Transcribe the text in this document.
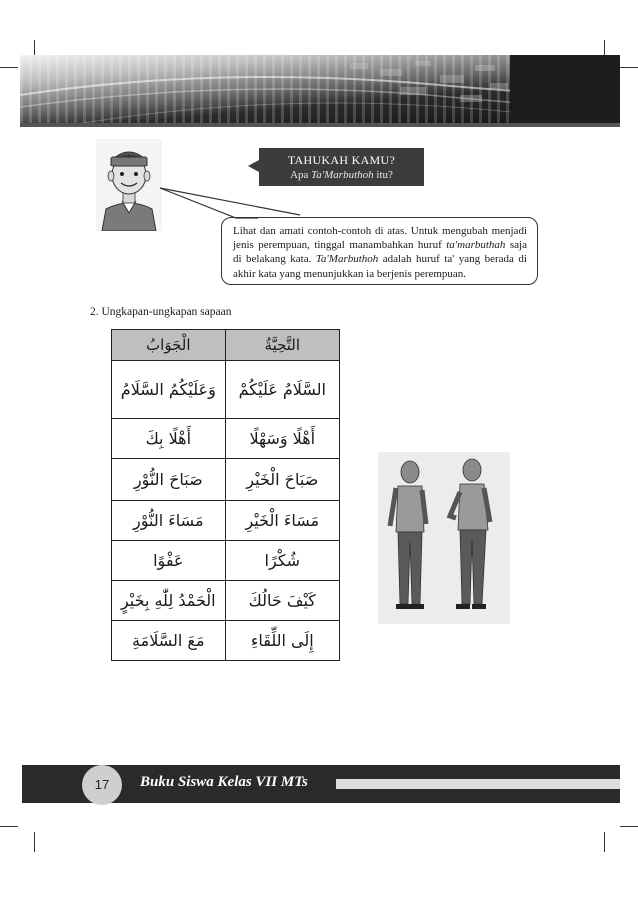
TAHUKAH KAMU?
Apa Ta'Marbuthoh itu?
Lihat dan amati contoh-contoh di atas. Untuk mengubah menjadi jenis perempuan, tinggal manambahkan huruf ta'marbuthah saja di belakang kata. Ta'Marbuthoh adalah huruf ta' yang berada di akhir kata yang menunjukkan ia berjenis perempuan.
2. Ungkapan-ungkapan sapaan
الْجَوَابُ	التَّحِيَّةُ
وَعَلَيْكُمُ السَّلَامُ	السَّلَامُ عَلَيْكُمْ
أَهْلًا بِكَ	أَهْلًا وَسَهْلًا
صَبَاحَ النُّوْرِ	صَبَاحَ الْخَيْرِ
مَسَاءَ النُّوْرِ	مَسَاءَ الْخَيْرِ
عَفْوًا	شُكْرًا
الْحَمْدُ لِلّٰهِ بِخَيْرٍ	كَيْفَ حَالُكَ
مَعَ السَّلَامَةِ	إِلَى اللِّقَاءِ
17	Buku Siswa Kelas VII MTs
